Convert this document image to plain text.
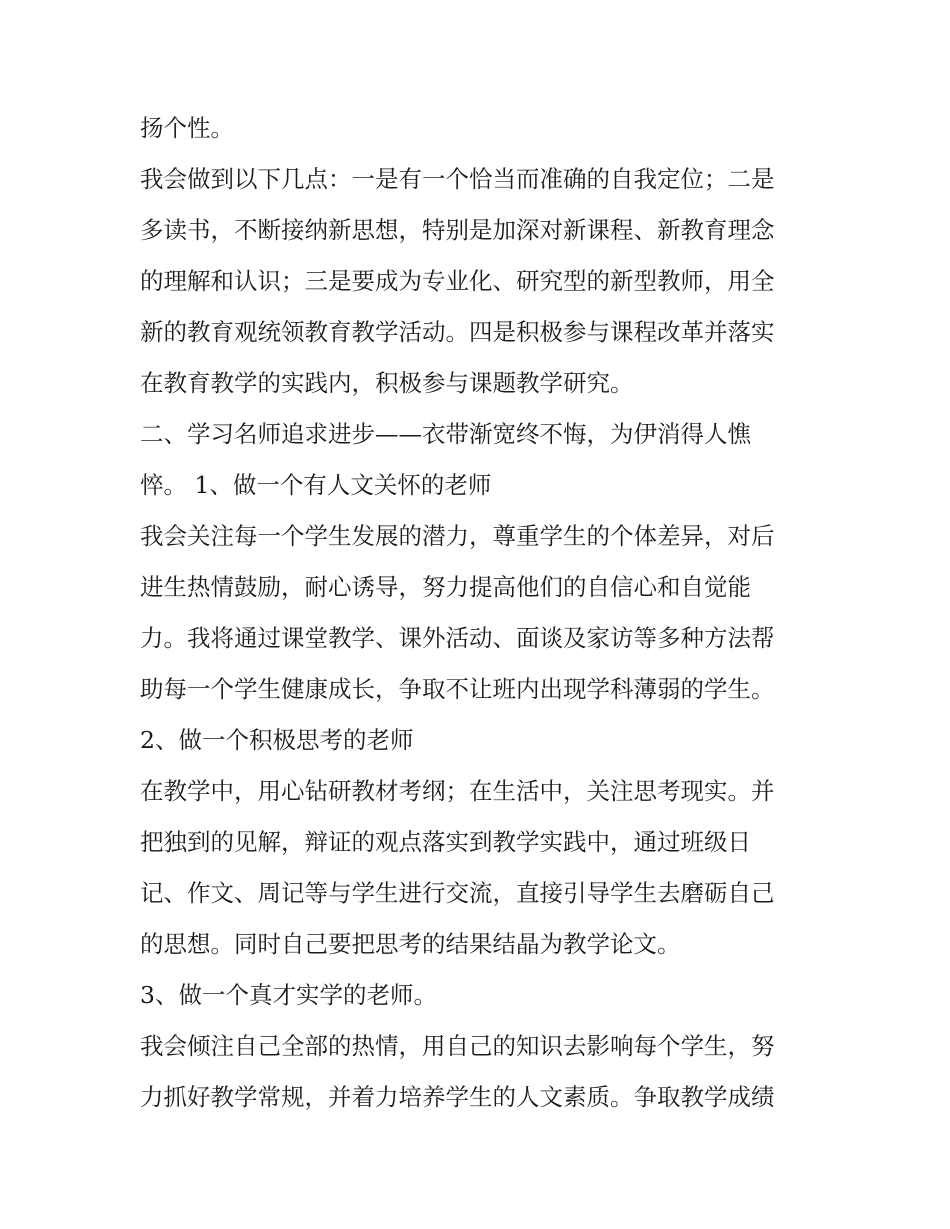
扬个性。
我会做到以下几点：一是有一个恰当而准确的自我定位；二是
多读书，不断接纳新思想，特别是加深对新课程、新教育理念
的理解和认识；三是要成为专业化、研究型的新型教师，用全
新的教育观统领教育教学活动。四是积极参与课程改革并落实
在教育教学的实践内，积极参与课题教学研究。
二、学习名师追求进步——衣带渐宽终不悔，为伊消得人憔
悴。 1、做一个有人文关怀的老师
我会关注每一个学生发展的潜力，尊重学生的个体差异，对后
进生热情鼓励，耐心诱导，努力提高他们的自信心和自觉能
力。我将通过课堂教学、课外活动、面谈及家访等多种方法帮
助每一个学生健康成长，争取不让班内出现学科薄弱的学生。
2、做一个积极思考的老师
在教学中，用心钻研教材考纲；在生活中，关注思考现实。并
把独到的见解，辩证的观点落实到教学实践中，通过班级日
记、作文、周记等与学生进行交流，直接引导学生去磨砺自己
的思想。同时自己要把思考的结果结晶为教学论文。
3、做一个真才实学的老师。
我会倾注自己全部的热情，用自己的知识去影响每个学生，努
力抓好教学常规，并着力培养学生的人文素质。争取教学成绩
